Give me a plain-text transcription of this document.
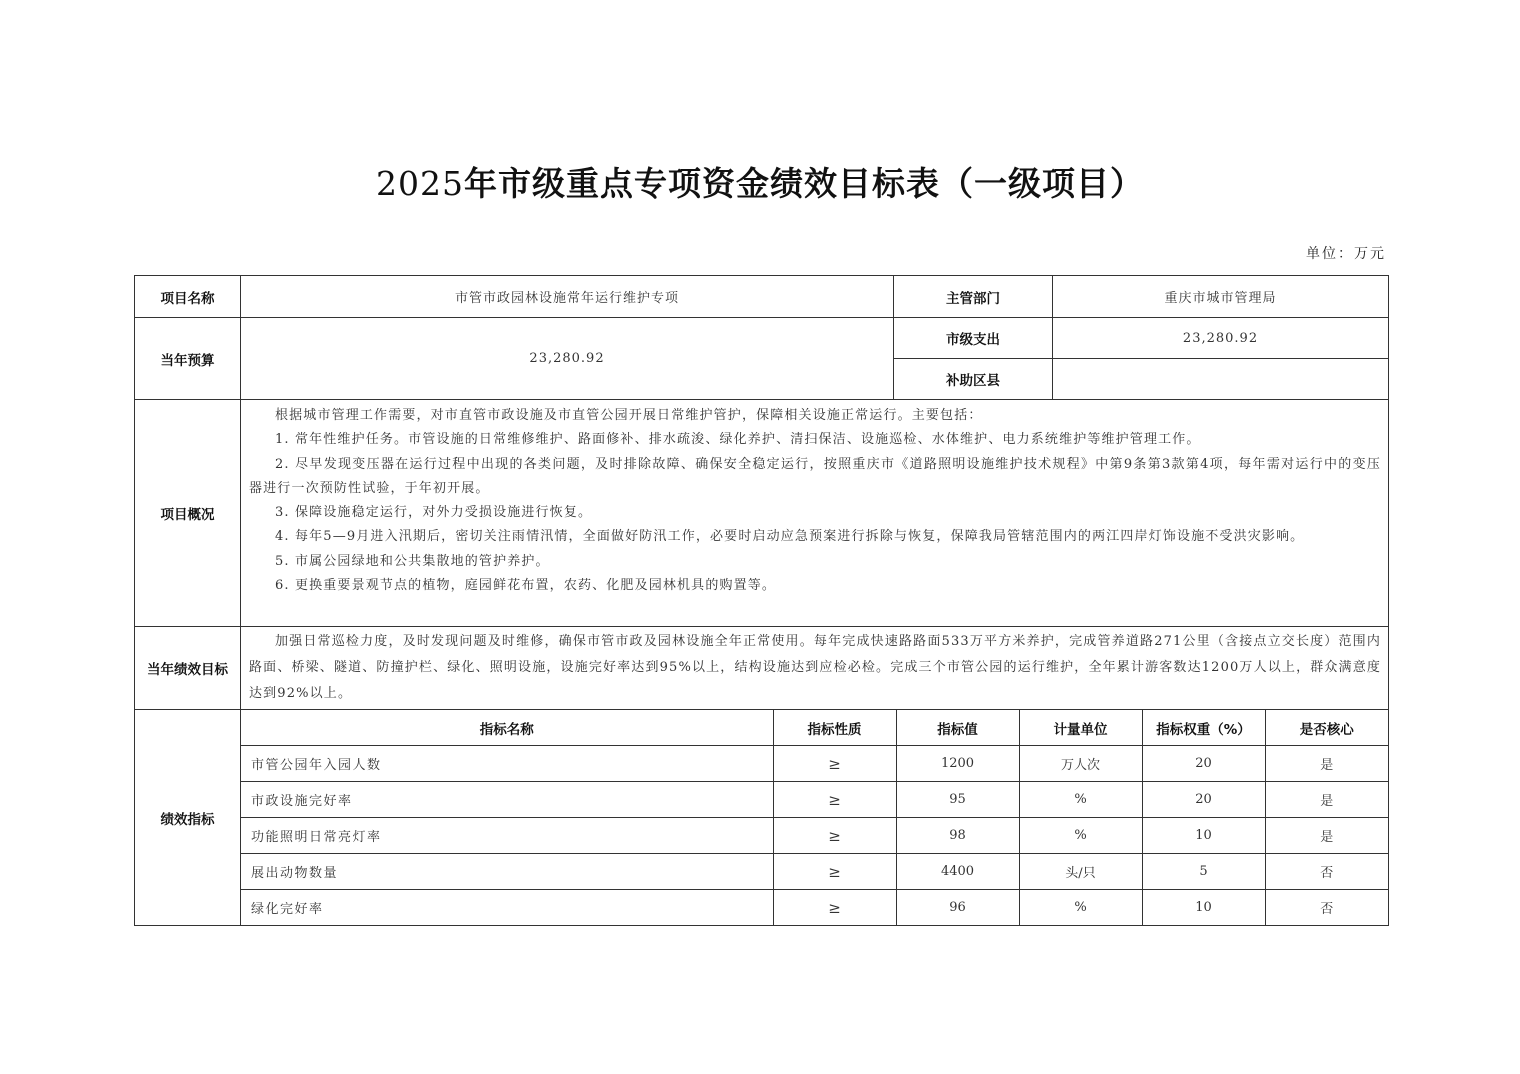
2025年市级重点专项资金绩效目标表（一级项目）
单位：万元
项目名称	市管市政园林设施常年运行维护专项	主管部门	重庆市城市管理局
当年预算	23,280.92	市级支出	23,280.92
补助区县	
项目概况	

根据城市管理工作需要，对市直管市政设施及市直管公园开展日常维护管护，保障相关设施正常运行。主要包括：

1. 常年性维护任务。市管设施的日常维修维护、路面修补、排水疏浚、绿化养护、清扫保洁、设施巡检、水体维护、电力系统维护等维护管理工作。

2. 尽早发现变压器在运行过程中出现的各类问题，及时排除故障、确保安全稳定运行，按照重庆市《道路照明设施维护技术规程》中第9条第3款第4项，每年需对运行中的变压器进行一次预防性试验，于年初开展。

3. 保障设施稳定运行，对外力受损设施进行恢复。

4. 每年5—9月进入汛期后，密切关注雨情汛情，全面做好防汛工作，必要时启动应急预案进行拆除与恢复，保障我局管辖范围内的两江四岸灯饰设施不受洪灾影响。

5. 市属公园绿地和公共集散地的管护养护。

6. 更换重要景观节点的植物，庭园鲜花布置，农药、化肥及园林机具的购置等。

当年绩效目标	

加强日常巡检力度，及时发现问题及时维修，确保市管市政及园林设施全年正常使用。每年完成快速路路面533万平方米养护，完成管养道路271公里（含接点立交长度）范围内路面、桥梁、隧道、防撞护栏、绿化、照明设施，设施完好率达到95%以上，结构设施达到应检必检。完成三个市管公园的运行维护，全年累计游客数达1200万人以上，群众满意度达到92%以上。

绩效指标	
指标名称	指标性质	指标值	计量单位	指标权重（%）	是否核心
市管公园年入园人数	≥	1200	万人次	20	是
市政设施完好率	≥	95	%	20	是
功能照明日常亮灯率	≥	98	%	10	是
展出动物数量	≥	4400	头/只	5	否
绿化完好率	≥	96	%	10	否
